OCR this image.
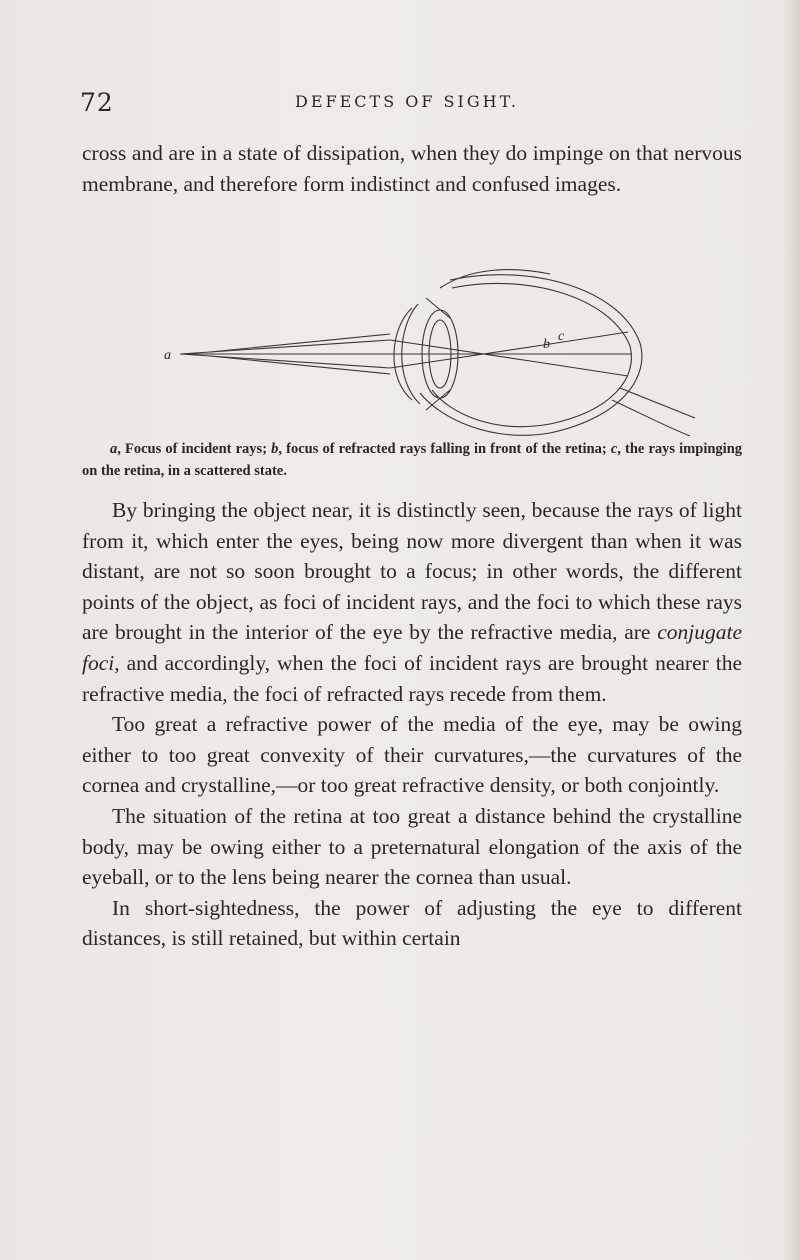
72	DEFECTS OF SIGHT.

cross and are in a state of dissipation, when they do impinge on that nervous membrane, and therefore form indistinct and confused images.

a
b
c
a, Focus of incident rays; b, focus of refracted rays falling in front of the retina; c, the rays impinging on the retina, in a scattered state.

By bringing the object near, it is distinctly seen, because the rays of light from it, which enter the eyes, being now more divergent than when it was distant, are not so soon brought to a focus; in other words, the different points of the object, as foci of incident rays, and the foci to which these rays are brought in the interior of the eye by the refractive media, are conjugate foci, and accordingly, when the foci of incident rays are brought nearer the refractive media, the foci of refracted rays recede from them.

Too great a refractive power of the media of the eye, may be owing either to too great convexity of their curvatures,—the curvatures of the cornea and crystalline,—or too great refractive density, or both conjointly.

The situation of the retina at too great a distance behind the crystalline body, may be owing either to a preternatural elongation of the axis of the eyeball, or to the lens being nearer the cornea than usual.

In short-sightedness, the power of adjusting the eye to different distances, is still retained, but within certain
